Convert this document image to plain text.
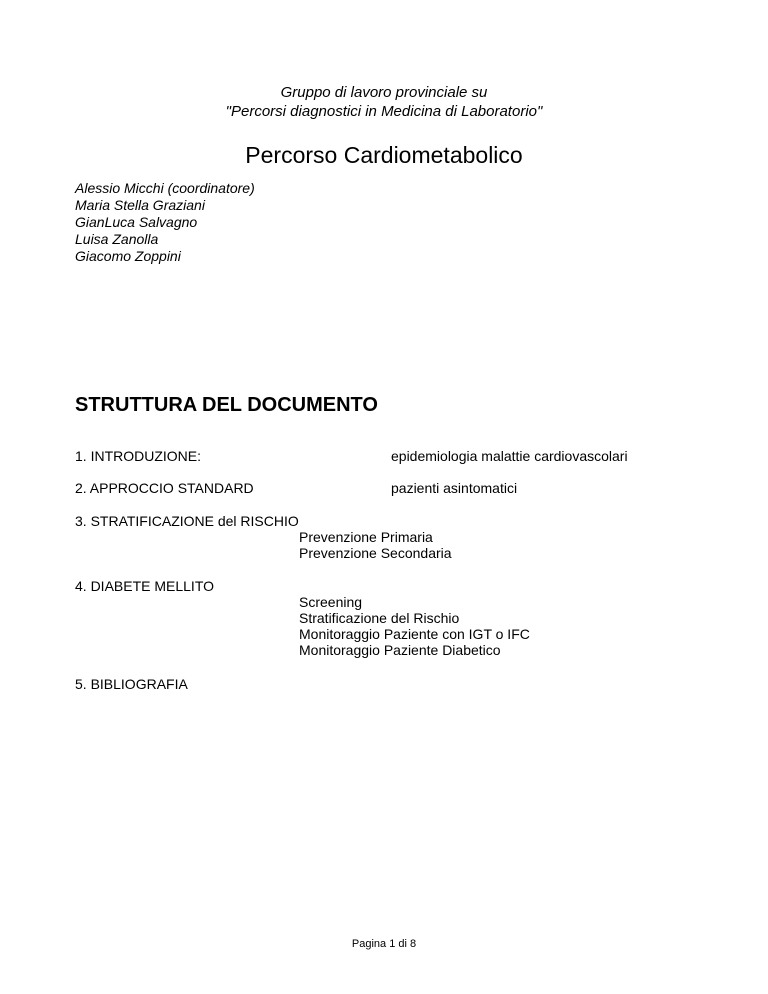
Gruppo di lavoro provinciale su
"Percorsi diagnostici in Medicina di Laboratorio"
Percorso Cardiometabolico
Alessio Micchi (coordinatore)
Maria Stella Graziani
GianLuca Salvagno
Luisa Zanolla
Giacomo Zoppini
STRUTTURA DEL DOCUMENTO
1. INTRODUZIONE:	epidemiologia malattie cardiovascolari
2. APPROCCIO STANDARD	pazienti asintomatici
3. STRATIFICAZIONE del RISCHIO
Prevenzione Primaria
Prevenzione Secondaria
4. DIABETE MELLITO
Screening
Stratificazione del Rischio
Monitoraggio Paziente con IGT o IFC
Monitoraggio Paziente Diabetico
5. BIBLIOGRAFIA
Pagina 1 di 8
